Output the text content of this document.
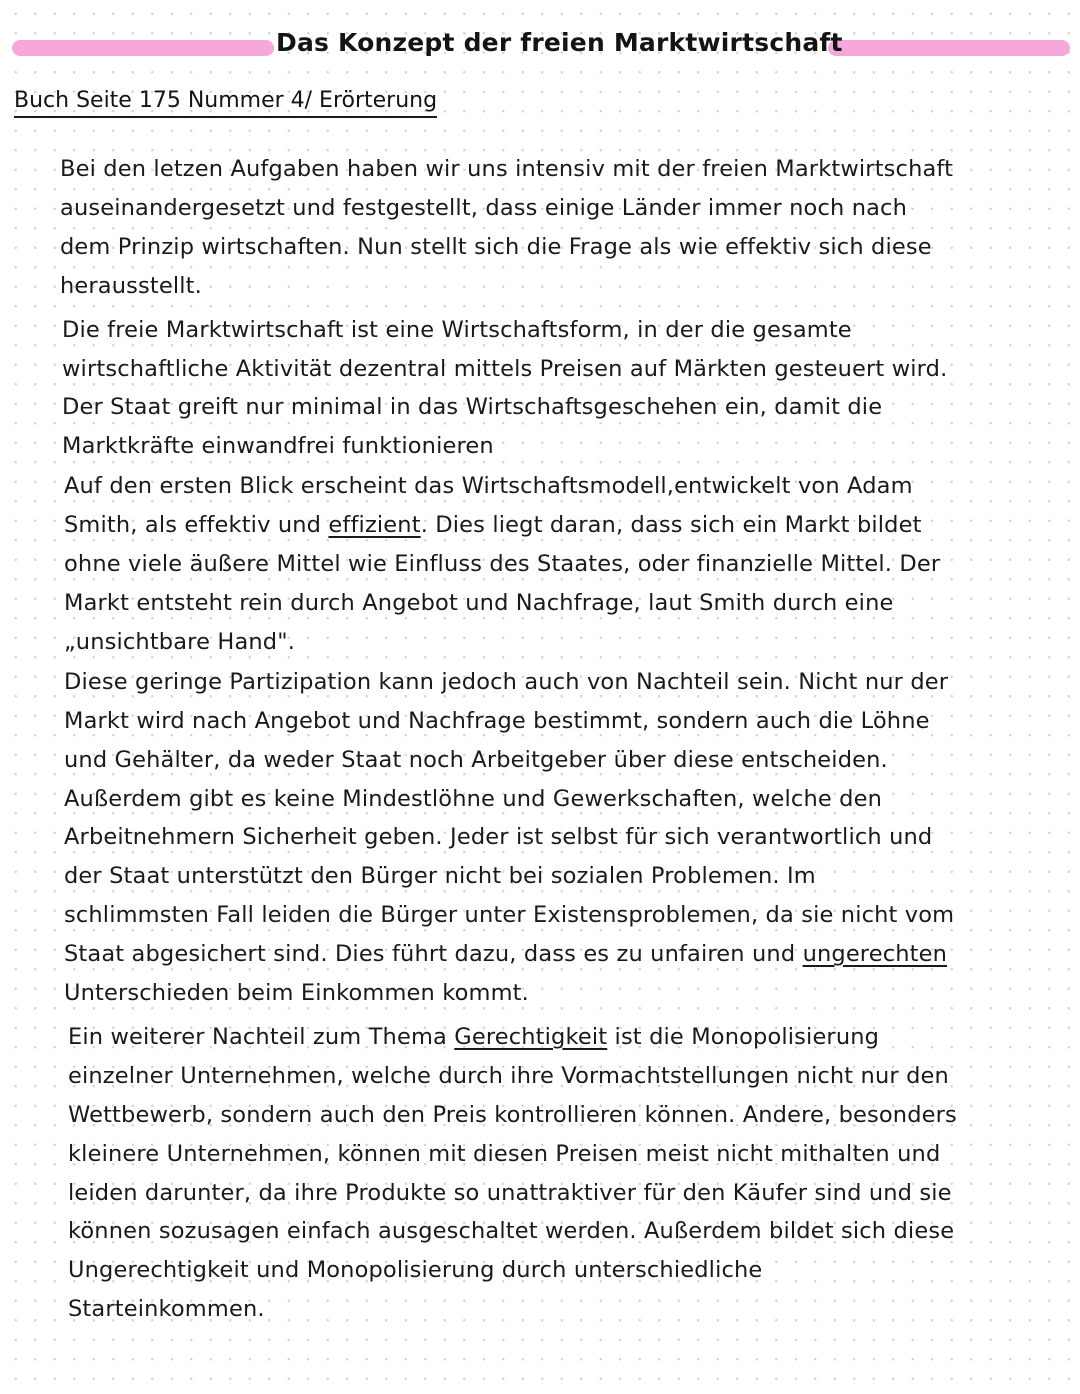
Das Konzept der freien Marktwirtschaft
Buch Seite 175 Nummer 4/ Erörterung

Bei den letzen Aufgaben haben wir uns intensiv mit der freien Marktwirtschaft auseinandergesetzt und festgestellt, dass einige Länder immer noch nach dem Prinzip wirtschaften. Nun stellt sich die Frage als wie effektiv sich diese herausstellt.

Die freie Marktwirtschaft ist eine Wirtschaftsform, in der die gesamte wirtschaftliche Aktivität dezentral mittels Preisen auf Märkten gesteuert wird. Der Staat greift nur minimal in das Wirtschaftsgeschehen ein, damit die Marktkräfte einwandfrei funktionieren

Auf den ersten Blick erscheint das Wirtschaftsmodell,entwickelt von Adam Smith, als effektiv und effizient. Dies liegt daran, dass sich ein Markt bildet ohne viele äußere Mittel wie Einfluss des Staates, oder finanzielle Mittel. Der Markt entsteht rein durch Angebot und Nachfrage, laut Smith durch eine „unsichtbare Hand".

Diese geringe Partizipation kann jedoch auch von Nachteil sein. Nicht nur der Markt wird nach Angebot und Nachfrage bestimmt, sondern auch die Löhne und Gehälter, da weder Staat noch Arbeitgeber über diese entscheiden. Außerdem gibt es keine Mindestlöhne und Gewerkschaften, welche den Arbeitnehmern Sicherheit geben. Jeder ist selbst für sich verantwortlich und der Staat unterstützt den Bürger nicht bei sozialen Problemen. Im schlimmsten Fall leiden die Bürger unter Existensproblemen, da sie nicht vom Staat abgesichert sind. Dies führt dazu, dass es zu unfairen und ungerechten Unterschieden beim Einkommen kommt.

Ein weiterer Nachteil zum Thema Gerechtigkeit ist die Monopolisierung einzelner Unternehmen, welche durch ihre Vormachtstellungen nicht nur den Wettbewerb, sondern auch den Preis kontrollieren können. Andere, besonders kleinere Unternehmen, können mit diesen Preisen meist nicht mithalten und leiden darunter, da ihre Produkte so unattraktiver für den Käufer sind und sie können sozusagen einfach ausgeschaltet werden. Außerdem bildet sich diese Ungerechtigkeit und Monopolisierung durch unterschiedliche Starteinkommen.
